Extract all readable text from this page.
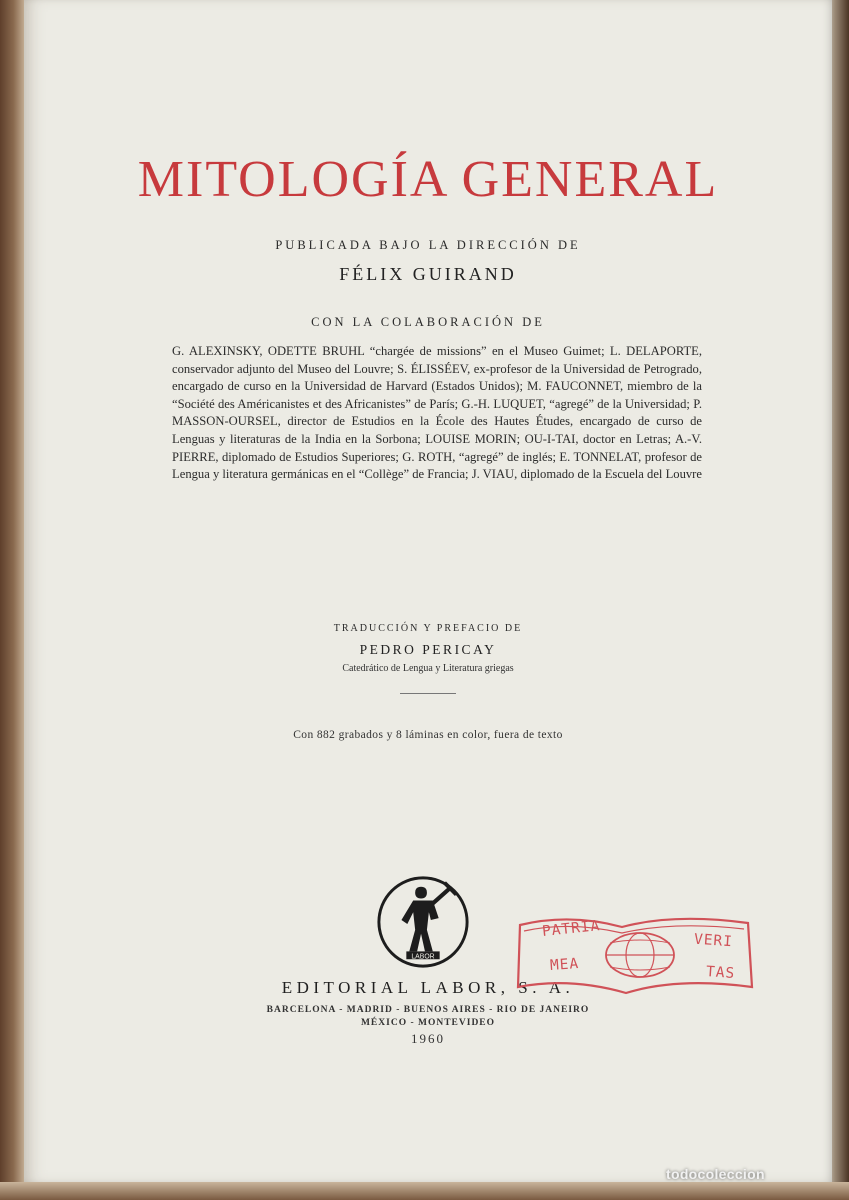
MITOLOGÍA GENERAL
PUBLICADA BAJO LA DIRECCIÓN DE
FÉLIX GUIRAND
CON LA COLABORACIÓN DE
G. ALEXINSKY, ODETTE BRUHL “chargée de missions” en el Museo Guimet; L. DELAPORTE, conservador adjunto del Museo del Louvre; S. ÉLISSÉEV, ex-profesor de la Universidad de Petrogrado, encargado de curso en la Universidad de Harvard (Estados Unidos); M. FAUCONNET, miembro de la “Société des Américanistes et des Africanistes” de París; G.-H. LUQUET, “agregé” de la Universidad; P. MASSON-OURSEL, director de Estudios en la École des Hautes Études, encargado de curso de Lenguas y literaturas de la India en la Sorbona; LOUISE MORIN; OU-I-TAI, doctor en Letras; A.-V. PIERRE, diplomado de Estudios Superiores; G. ROTH, “agregé” de inglés; E. TONNELAT, profesor de Lengua y literatura germánicas en el “Collège” de Francia; J. VIAU, diplomado de la Escuela del Louvre
TRADUCCIÓN Y PREFACIO DE
PEDRO PERICAY
Catedrático de Lengua y Literatura griegas
Con 882 grabados y 8 láminas en color, fuera de texto
LABOR
EDITORIAL LABOR, S. A.
BARCELONA - MADRID - BUENOS AIRES - RIO DE JANEIRO
MÉXICO - MONTEVIDEO
1960
PATRIA
MEA
VERI
TAS
todocoleccion
